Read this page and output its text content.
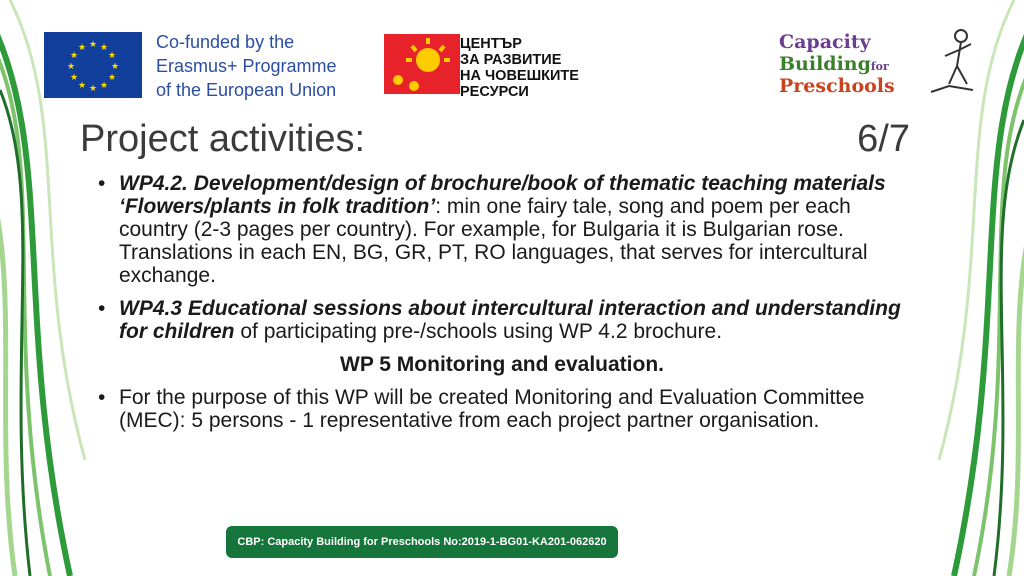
★ ★
★
★
★
★
★
★
★
★
★
★	Co-funded by the
Erasmus+ Programme
of the European Union
ЦЕНТЪР
ЗА РАЗВИТИЕ
НА ЧОВЕШКИТЕ
РЕСУРСИ
Capacity
Buildingfor
Preschools
Project activities:	6/7
• WP4.2. Development/design of brochure/book of thematic teaching materials ‘Flowers/plants in folk tradition’: min one fairy tale, song and poem per each country (2-3 pages per country). For example, for Bulgaria it is Bulgarian rose. Translations in each EN, BG, GR, PT, RO languages, that serves for intercultural exchange.
• WP4.3 Educational sessions about intercultural interaction and understanding for children of participating pre-/schools using WP 4.2 brochure.
WP 5 Monitoring and evaluation.
• For the purpose of this WP will be created Monitoring and Evaluation Committee (MEC): 5 persons - 1 representative from each project partner organisation.
CBP: Capacity Building for Preschools No:2019-1-BG01-KA201-062620
